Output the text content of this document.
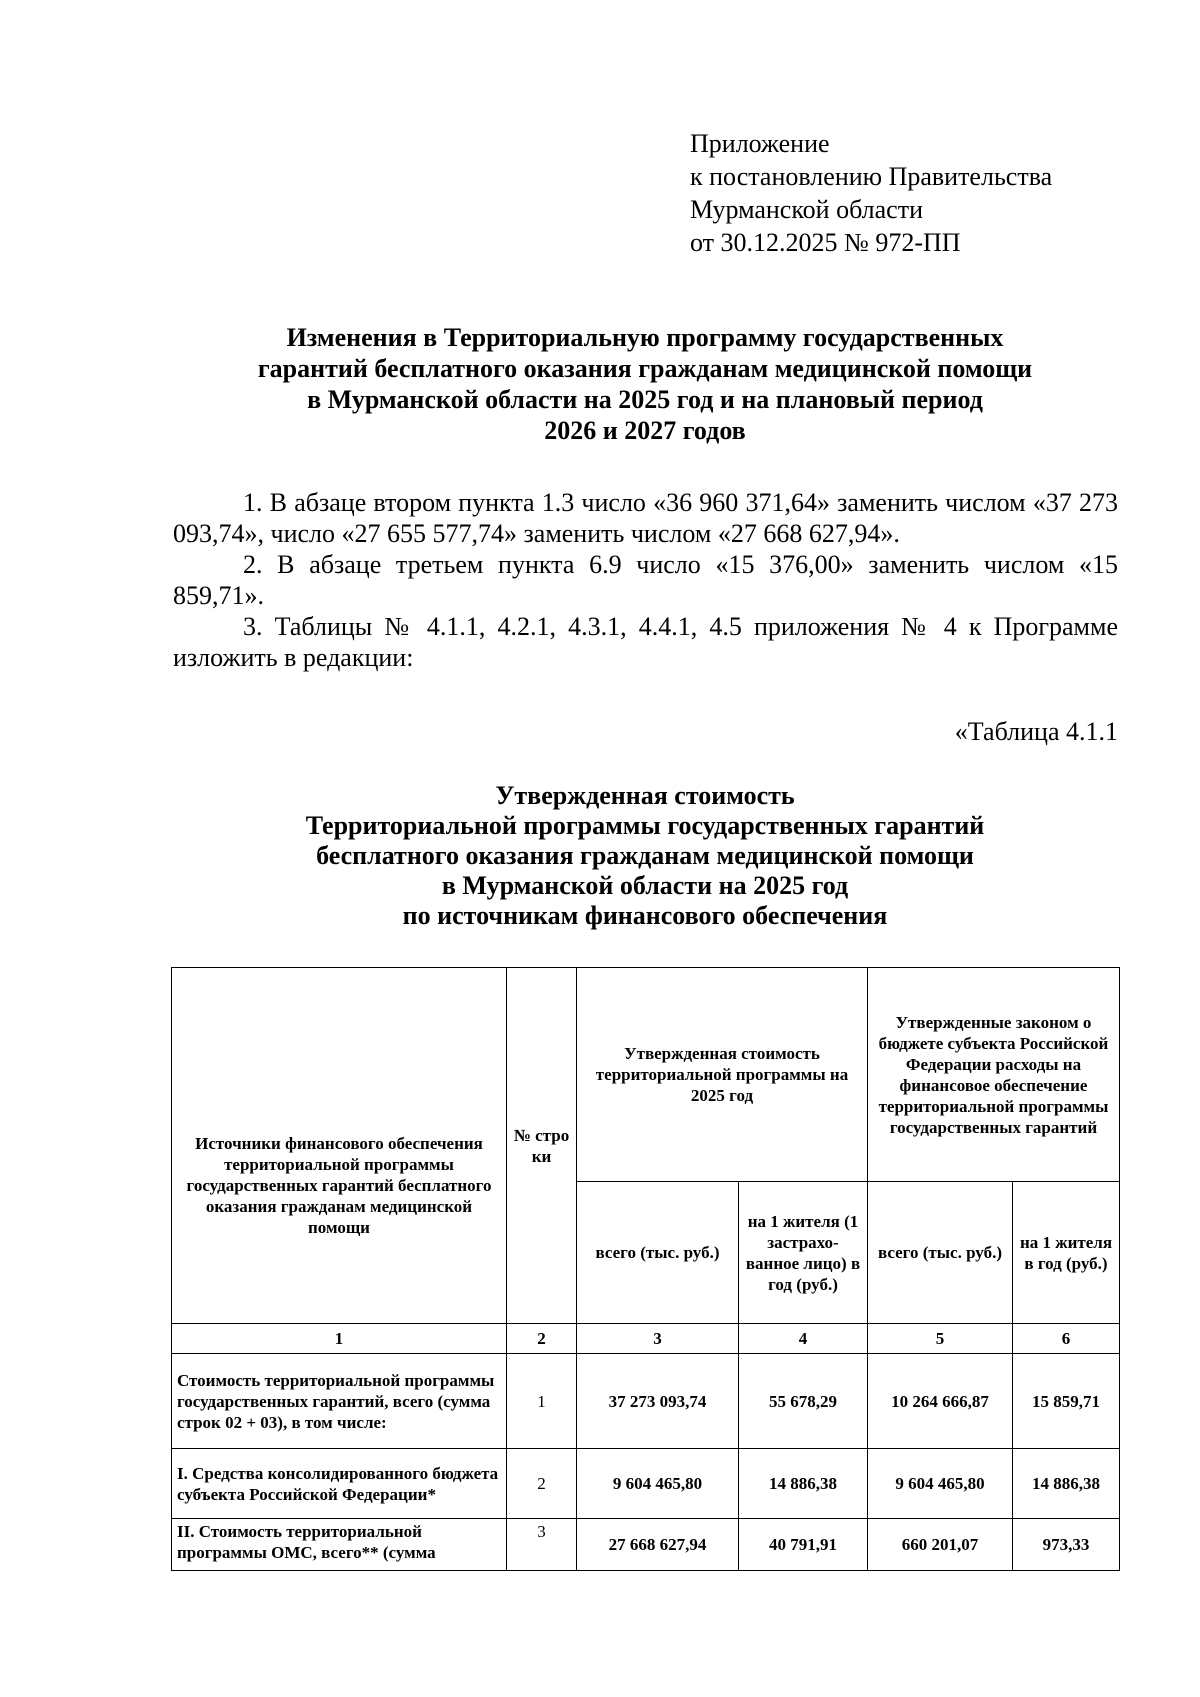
Приложение
к постановлению Правительства
Мурманской области
от 30.12.2025 № 972-ПП
Изменения в Территориальную программу государственных
гарантий бесплатного оказания гражданам медицинской помощи
в Мурманской области на 2025 год и на плановый период
2026 и 2027 годов
1. В абзаце втором пункта 1.3 число «36 960 371,64» заменить числом «37 273 093,74», число «27 655 577,74» заменить числом «27 668 627,94».
2. В абзаце третьем пункта 6.9 число «15 376,00» заменить числом «15 859,71».
3. Таблицы № 4.1.1, 4.2.1, 4.3.1, 4.4.1, 4.5 приложения № 4 к Программе изложить в редакции:
«Таблица 4.1.1
Утвержденная стоимость
Территориальной программы государственных гарантий
бесплатного оказания гражданам медицинской помощи
в Мурманской области на 2025 год
по источникам финансового обеспечения
Источники финансового обеспечения территориальной программы государственных гарантий бесплатного оказания гражданам медицинской помощи	№ стро ки	Утвержденная стоимость территориальной программы на 2025 год		Утвержденные законом о бюджете субъекта Российской Федерации расходы на финансовое обеспечение территориальной программы государственных гарантий	
		всего (тыс. руб.)	на 1 жителя (1 застрахо-ванное лицо) в год (руб.)	всего (тыс. руб.)	на 1 жителя в год (руб.)
1	2	3	4	5	6
Стоимость территориальной программы государственных гарантий, всего (сумма строк 02 + 03), в том числе:	1	37 273 093,74	55 678,29	10 264 666,87	15 859,71
I. Средства консолидированного бюджета субъекта Российской Федерации*	2	9 604 465,80	14 886,38	9 604 465,80	14 886,38
II. Стоимость территориальной программы ОМС, всего** (сумма	3	27 668 627,94	40 791,91	660 201,07	973,33
